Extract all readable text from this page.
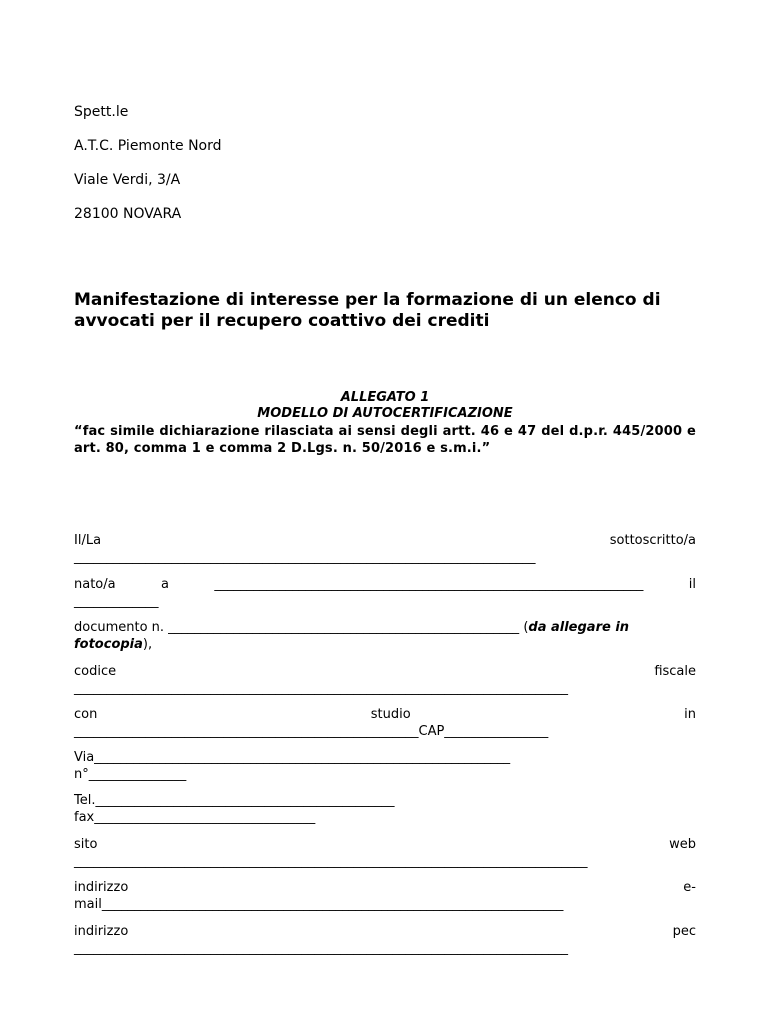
Spett.le
A.T.C. Piemonte Nord
Viale Verdi, 3/A
28100 NOVARA
Manifestazione di interesse per la formazione di un elenco di
avvocati per il recupero coattivo dei crediti
ALLEGATO 1
MODELLO DI AUTOCERTIFICAZIONE
“fac simile dichiarazione rilasciata ai sensi degli artt. 46 e 47 del d.p.r. 445/2000 e art. 80, comma 1 e comma 2 D.Lgs. n. 50/2016 e s.m.i.”
Il/La	sottoscritto/a
_______________________________________________________________________
nato/a	a	__________________________________________________________________	il
_____________
documento n. ______________________________________________________ (da allegare in
fotocopia),
codice	fiscale
____________________________________________________________________________
con	studio	in
_____________________________________________________CAP________________
Via________________________________________________________________
n°_______________
Tel.______________________________________________
fax__________________________________
sito	web
_______________________________________________________________________________
indirizzo	e-
mail_______________________________________________________________________
indirizzo	pec
____________________________________________________________________________
